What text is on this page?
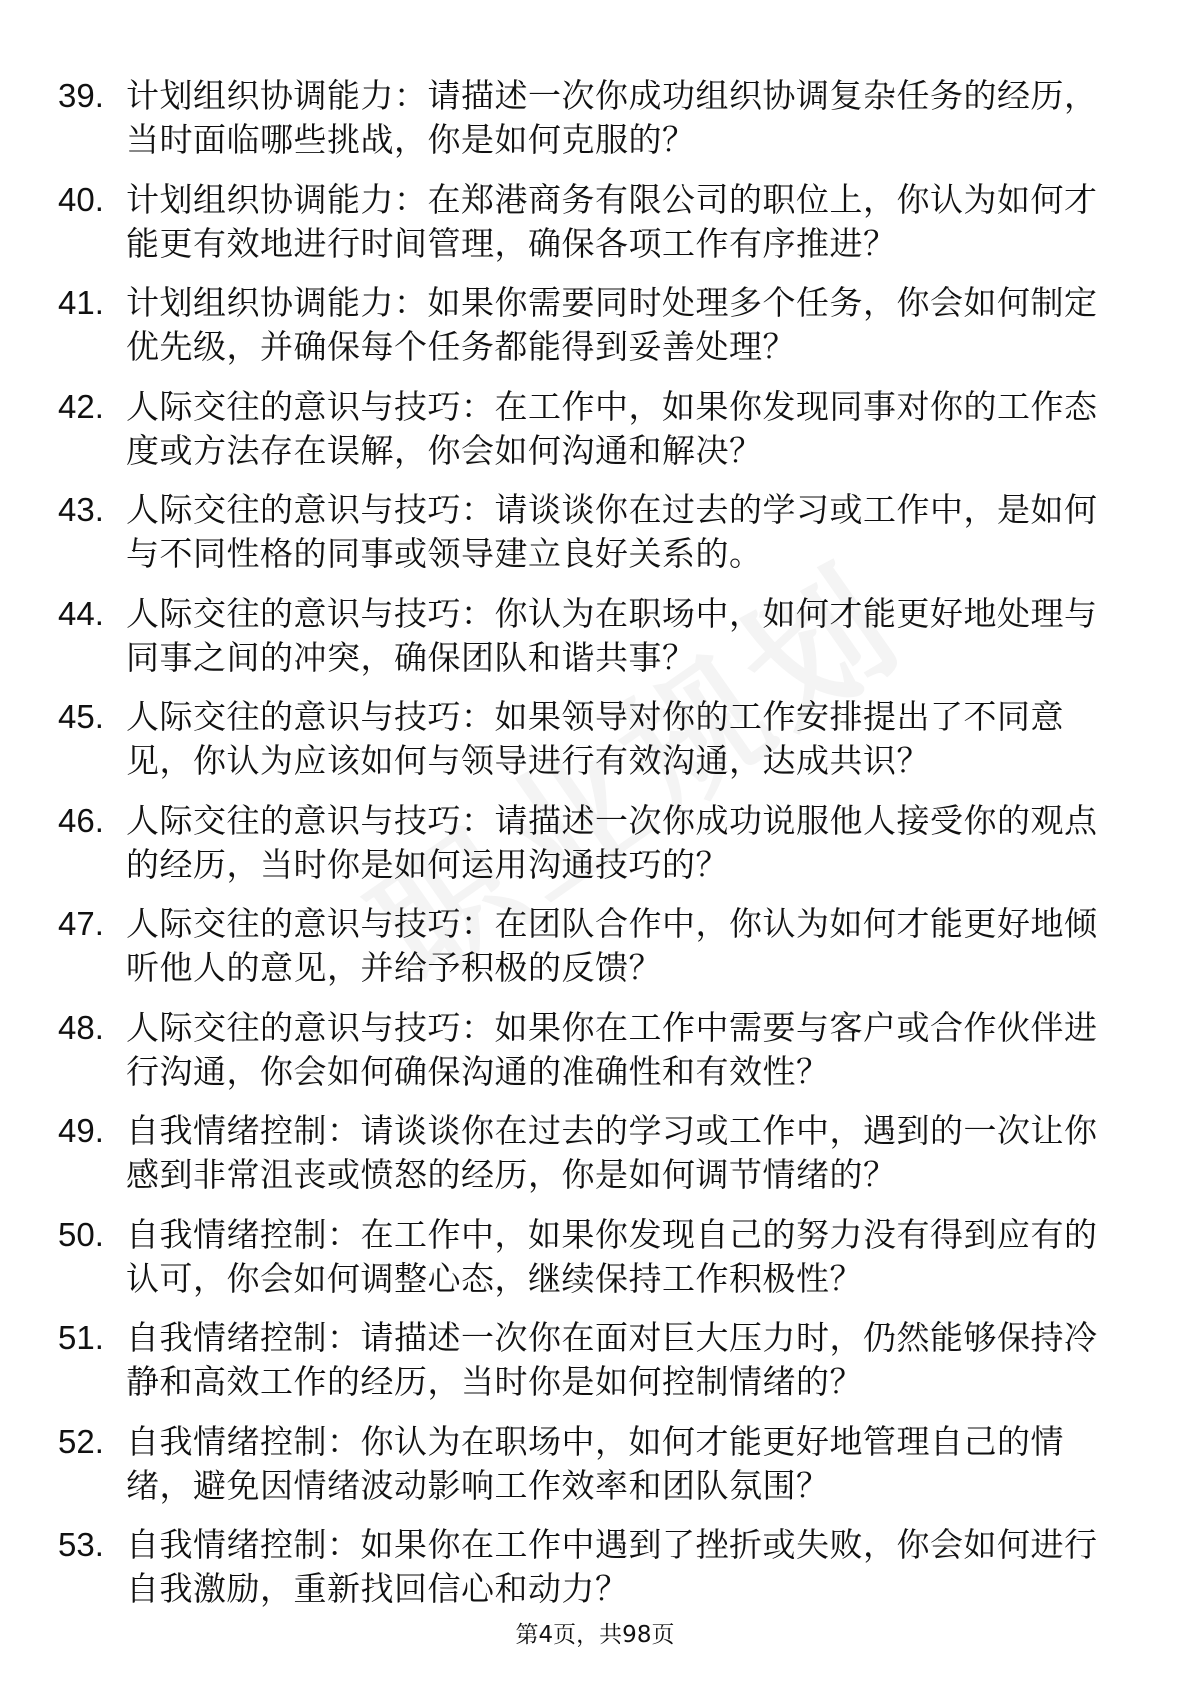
39. 计划组织协调能力：请描述一次你成功组织协调复杂任务的经历，当时面临哪些挑战，你是如何克服的？
40. 计划组织协调能力：在郑港商务有限公司的职位上，你认为如何才能更有效地进行时间管理，确保各项工作有序推进？
41. 计划组织协调能力：如果你需要同时处理多个任务，你会如何制定优先级，并确保每个任务都能得到妥善处理？
42. 人际交往的意识与技巧：在工作中，如果你发现同事对你的工作态度或方法存在误解，你会如何沟通和解决？
43. 人际交往的意识与技巧：请谈谈你在过去的学习或工作中，是如何与不同性格的同事或领导建立良好关系的。
44. 人际交往的意识与技巧：你认为在职场中，如何才能更好地处理与同事之间的冲突，确保团队和谐共事？
45. 人际交往的意识与技巧：如果领导对你的工作安排提出了不同意见，你认为应该如何与领导进行有效沟通，达成共识？
46. 人际交往的意识与技巧：请描述一次你成功说服他人接受你的观点的经历，当时你是如何运用沟通技巧的？
47. 人际交往的意识与技巧：在团队合作中，你认为如何才能更好地倾听他人的意见，并给予积极的反馈？
48. 人际交往的意识与技巧：如果你在工作中需要与客户或合作伙伴进行沟通，你会如何确保沟通的准确性和有效性？
49. 自我情绪控制：请谈谈你在过去的学习或工作中，遇到的一次让你感到非常沮丧或愤怒的经历，你是如何调节情绪的？
50. 自我情绪控制：在工作中，如果你发现自己的努力没有得到应有的认可，你会如何调整心态，继续保持工作积极性？
51. 自我情绪控制：请描述一次你在面对巨大压力时，仍然能够保持冷静和高效工作的经历，当时你是如何控制情绪的？
52. 自我情绪控制：你认为在职场中，如何才能更好地管理自己的情绪，避免因情绪波动影响工作效率和团队氛围？
53. 自我情绪控制：如果你在工作中遇到了挫折或失败，你会如何进行自我激励，重新找回信心和动力？
第4页，共98页
